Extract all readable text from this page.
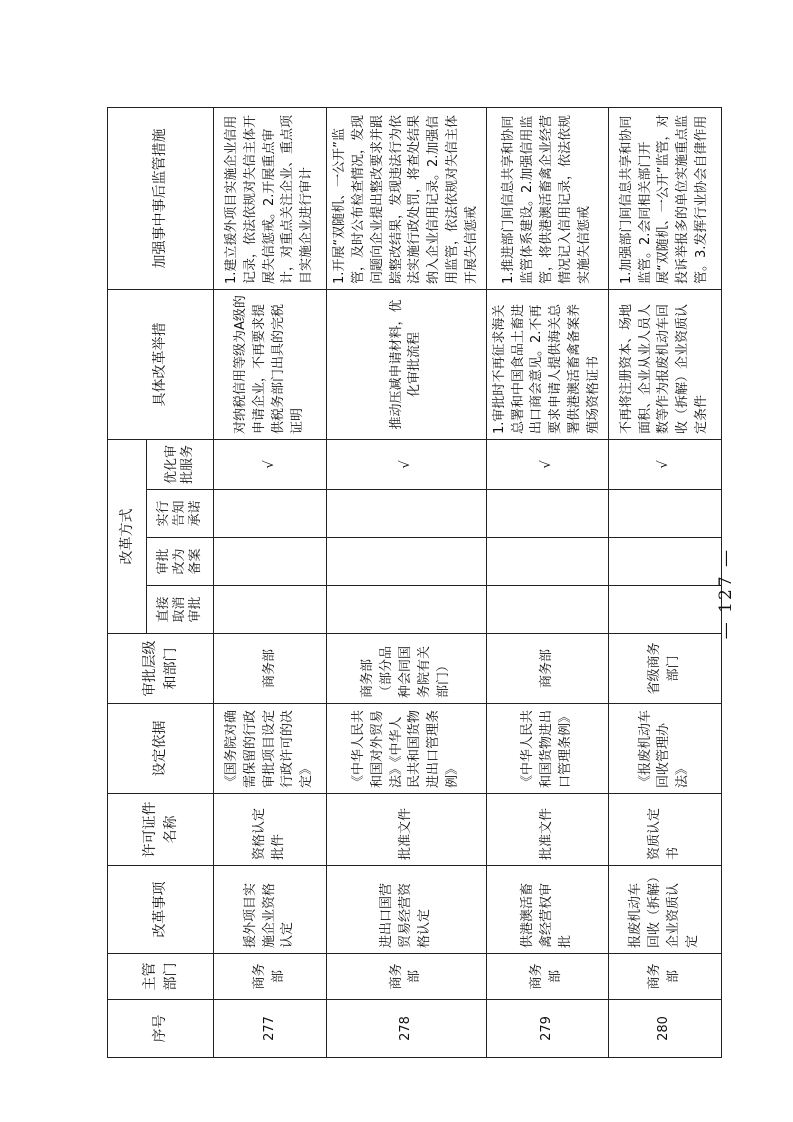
序号	主管部门	改革事项	许可证件名称	设定依据	审批层级和部门	改革方式				具体改革举措	加强事中事后监管措施
						直接取消审批	审批改为备案	实行告知承诺	优化审批服务		
277	商务部	援外项目实施企业资格认定	资格认定批件	《国务院对确需保留的行政审批项目设定行政许可的决定》	商务部				√	对纳税信用等级为A级的申请企业，不再要求提供税务部门出具的完税证明	1.建立援外项目实施企业信用记录，依法依规对失信主体开展失信惩戒。2.开展重点审计，对重点关注企业、重点项目实施企业进行审计
278	商务部	进出口国营贸易经营资格认定	批准文件	《中华人民共和国对外贸易法》《中华人民共和国货物进出口管理条例》	商务部（部分品种会同国务院有关部门）				√	推动压减申请材料，优化审批流程	1.开展“双随机、一公开”监管，及时公布检查情况，发现问题向企业提出整改要求并跟踪整改结果，发现违法行为依法实施行政处罚，将查处结果纳入企业信用记录。2.加强信用监管，依法依规对失信主体开展失信惩戒
279	商务部	供港澳活畜禽经营权审批	批准文件	《中华人民共和国货物进出口管理条例》	商务部				√	1.审批时不再征求海关总署和中国食品土畜进出口商会意见。2.不再要求申请人提供海关总署供港澳活畜禽备案养殖场资格证书	1.推进部门间信息共享和协同监管体系建设。2.加强信用监管，将供港澳活畜禽企业经营情况记入信用记录，依法依规实施失信惩戒
280	商务部	报废机动车回收（拆解）企业资质认定	资质认定书	《报废机动车回收管理办法》	省级商务部门				√	不再将注册资本、场地面积、企业从业人员人数等作为报废机动车回收（拆解）企业资质认定条件	1.加强部门间信息共享和协同监管。2.会同相关部门开展“双随机、一公开”监管，对投诉举报多的单位实施重点监管。3.发挥行业协会自律作用
— 127 —
